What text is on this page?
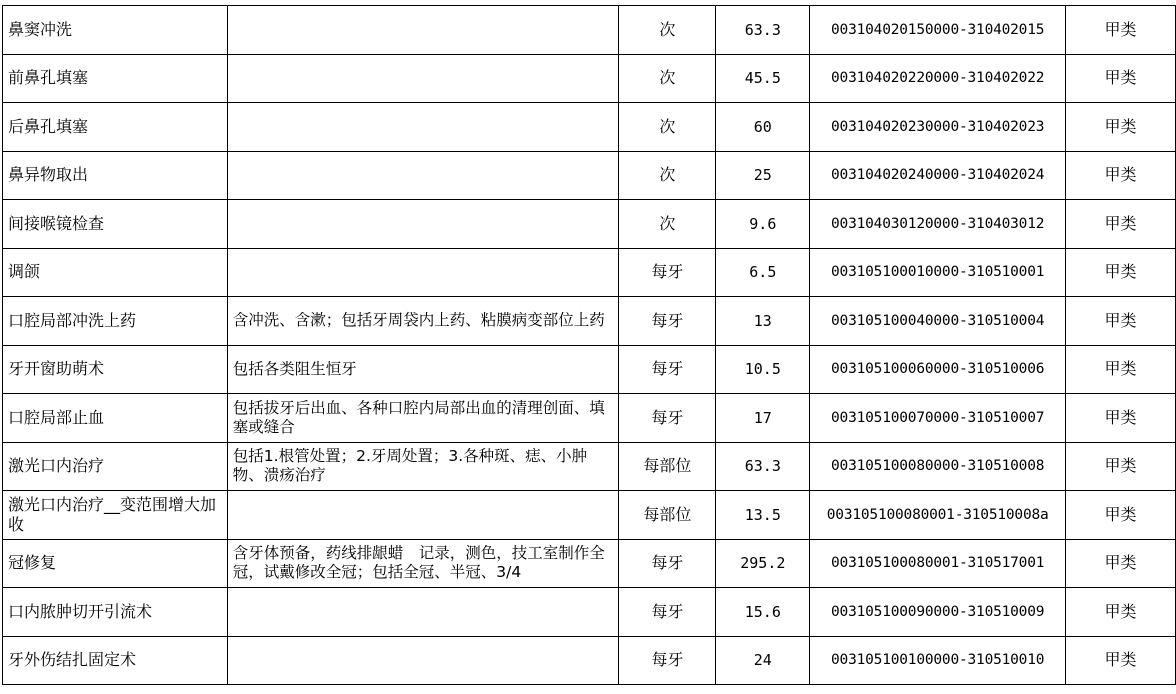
鼻窦冲洗		次	63.3	003104020150000-310402015	甲类
前鼻孔填塞		次	45.5	003104020220000-310402022	甲类
后鼻孔填塞		次	60	003104020230000-310402023	甲类
鼻异物取出		次	25	003104020240000-310402024	甲类
间接喉镜检查		次	9.6	003104030120000-310403012	甲类
调颌		每牙	6.5	003105100010000-310510001	甲类
口腔局部冲洗上药	含冲洗、含漱；包括牙周袋内上药、粘膜病变部位上药	每牙	13	003105100040000-310510004	甲类
牙开窗助萌术	包括各类阻生恒牙	每牙	10.5	003105100060000-310510006	甲类
口腔局部止血	包括拔牙后出血、各种口腔内局部出血的清理创面、填塞或缝合	每牙	17	003105100070000-310510007	甲类
激光口内治疗	包括1.根管处置；2.牙周处置；3.各种斑、痣、小肿物、溃疡治疗	每部位	63.3	003105100080000-310510008	甲类
激光口内治疗__变范围增大加收		每部位	13.5	003105100080001-310510008a	甲类
冠修复	含牙体预备，药线排龈蜡　记录，测色，技工室制作全冠，试戴修改全冠；包括全冠、半冠、3/4	每牙	295.2	003105100080001-310517001	甲类
口内脓肿切开引流术		每牙	15.6	003105100090000-310510009	甲类
牙外伤结扎固定术		每牙	24	003105100100000-310510010	甲类
